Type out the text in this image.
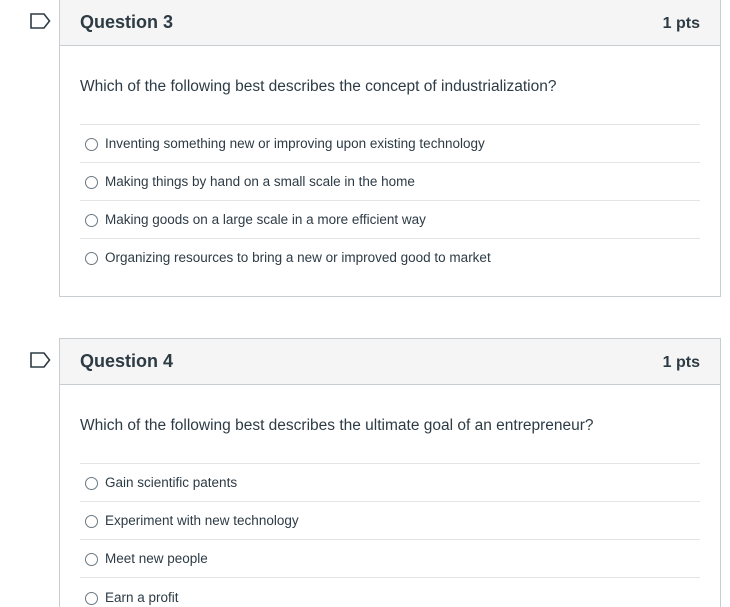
Question 3	1 pts
Which of the following best describes the concept of industrialization?
Inventing something new or improving upon existing technology
Making things by hand on a small scale in the home
Making goods on a large scale in a more efficient way
Organizing resources to bring a new or improved good to market
Question 4	1 pts
Which of the following best describes the ultimate goal of an entrepreneur?
Gain scientific patents
Experiment with new technology
Meet new people
Earn a profit
